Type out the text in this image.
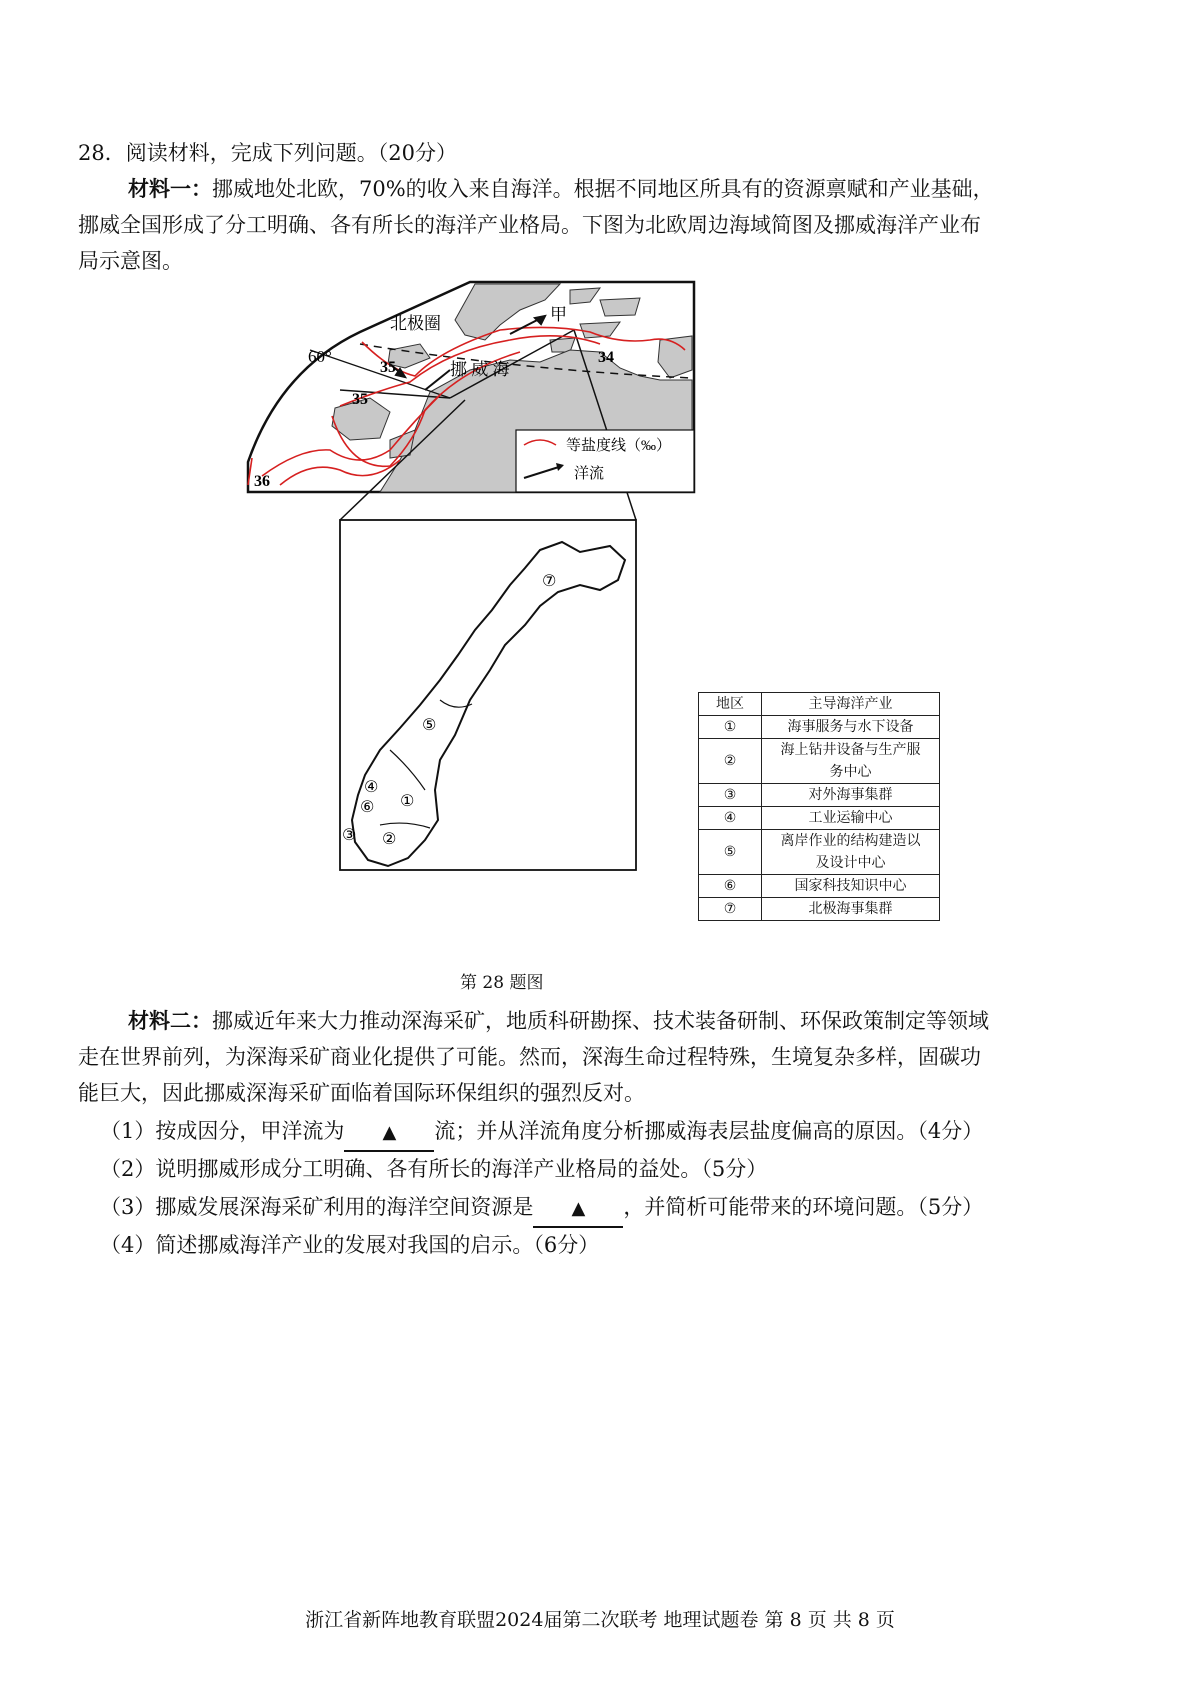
28．阅读材料，完成下列问题。（20分）
材料一：挪威地处北欧，70%的收入来自海洋。根据不同地区所具有的资源禀赋和产业基础，
挪威全国形成了分工明确、各有所长的海洋产业格局。下图为北欧周边海域简图及挪威海洋产业布
局示意图。
北极圈
挪 威 海
甲
60°
35
35
34
36
等盐度线（‰）
洋流
⑦
⑤
①
④
⑥
②
③
地区	主导海洋产业
①	海事服务与水下设备
②	海上钻井设备与生产服务中心
③	对外海事集群
④	工业运输中心
⑤	离岸作业的结构建造以及设计中心
⑥	国家科技知识中心
⑦	北极海事集群
第 28 题图
材料二：挪威近年来大力推动深海采矿，地质科研勘探、技术装备研制、环保政策制定等领域
走在世界前列，为深海采矿商业化提供了可能。然而，深海生命过程特殊，生境复杂多样，固碳功
能巨大，因此挪威深海采矿面临着国际环保组织的强烈反对。
（1）按成因分，甲洋流为 ▲ 流；并从洋流角度分析挪威海表层盐度偏高的原因。（4分）
（2）说明挪威形成分工明确、各有所长的海洋产业格局的益处。（5分）
（3）挪威发展深海采矿利用的海洋空间资源是 ▲ ，并简析可能带来的环境问题。（5分）
（4）简述挪威海洋产业的发展对我国的启示。（6分）
浙江省新阵地教育联盟2024届第二次联考 地理试题卷 第 8 页 共 8 页
